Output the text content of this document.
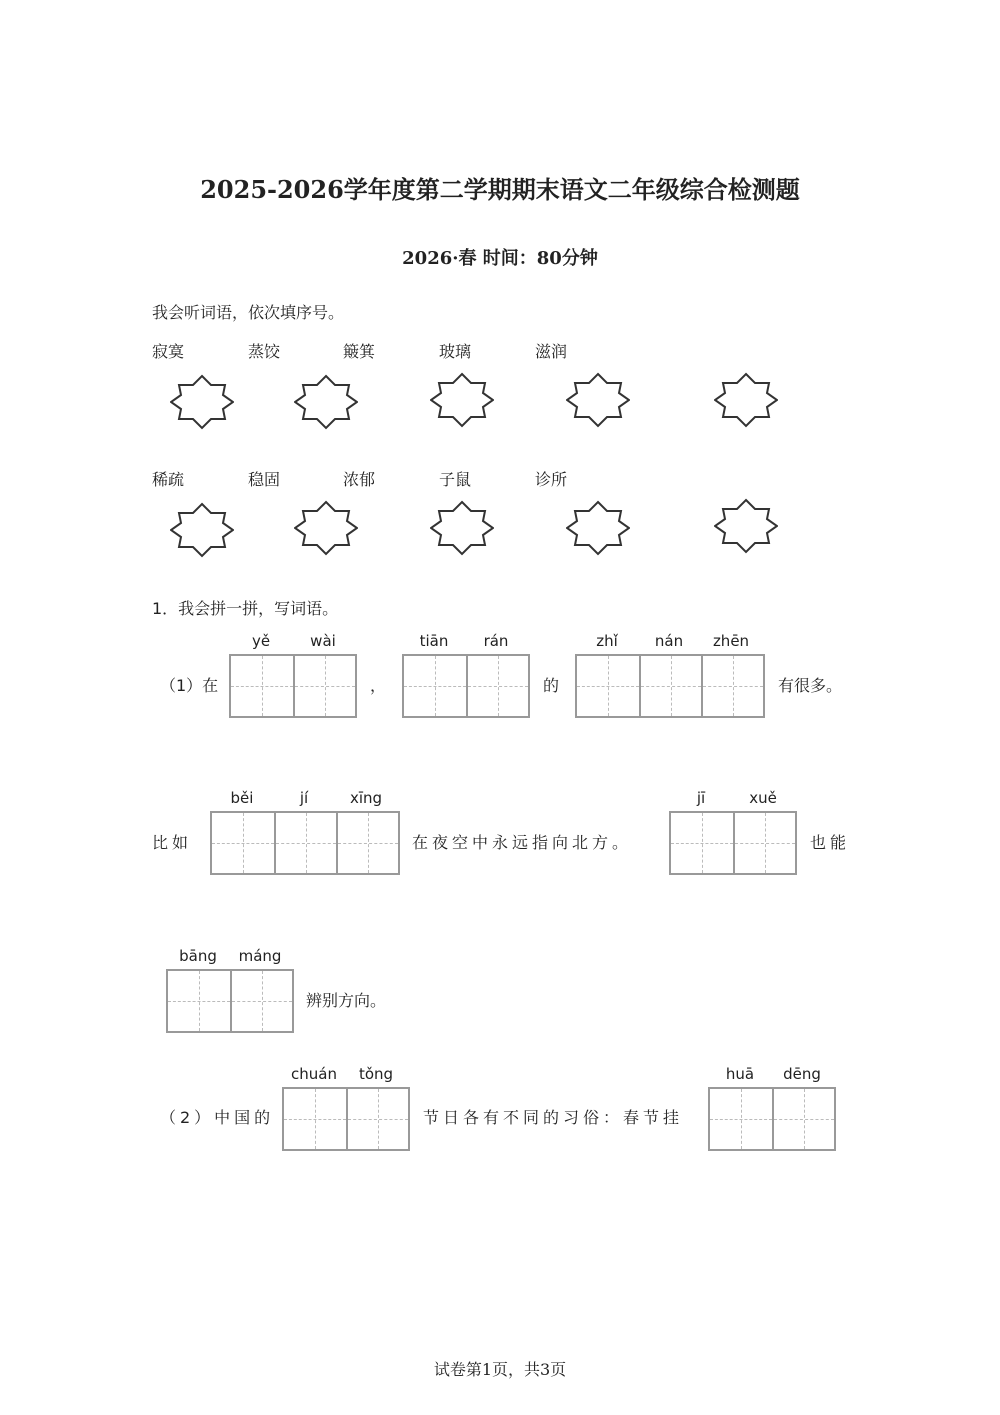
2025-2026学年度第二学期期末语文二年级综合检测题
2026·春 时间：80分钟
我会听词语，依次填序号。
寂寞	蒸饺	簸箕	玻璃	滋润
稀疏	稳固	浓郁	子鼠	诊所
1．我会拼一拼，写词语。
（1）在
yě	wài
，
tiān	rán
的
zhǐ	nán	zhēn
有很多。
比如
běi	jí	xīng
在夜空中永远指向北方。
jī	xuě
也能
bāng	máng
辨别方向。
（2）中国的
chuán	tǒng
节日各有不同的习俗：春节挂
huā	dēng
试卷第1页，共3页
